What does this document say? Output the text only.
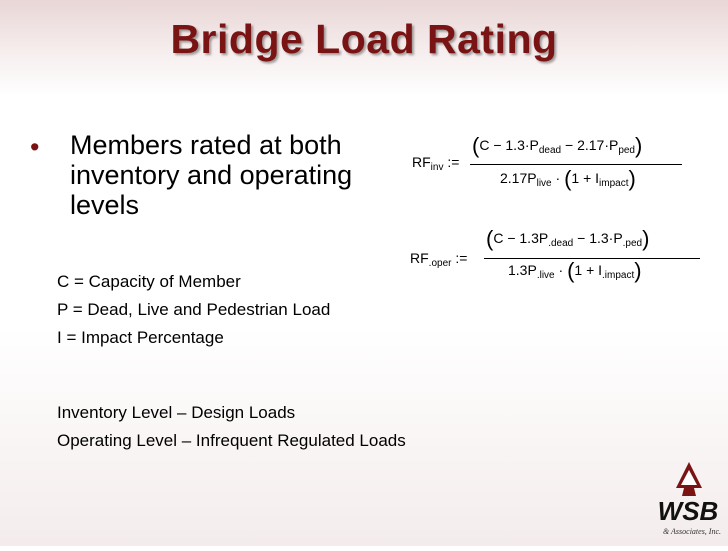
Bridge Load Rating
• Members rated at both inventory and operating levels
$RF_{inv}$ :=
$(C - 1.3\cdot P_{dead} - 2.17\cdot P_{ped})$
$2.17P_{live} \cdot (1 + I_{impact})$
$RF_{.oper}$ :=
$(C - 1.3P_{.dead} - 1.3\cdot P_{.ped})$
$1.3P_{.live} \cdot (1 + I_{.impact})$
C = Capacity of Member
P = Dead, Live and Pedestrian Load
I = Impact Percentage
Inventory Level – Design Loads
Operating Level – Infrequent Regulated Loads
WSB
& Associates, Inc.
